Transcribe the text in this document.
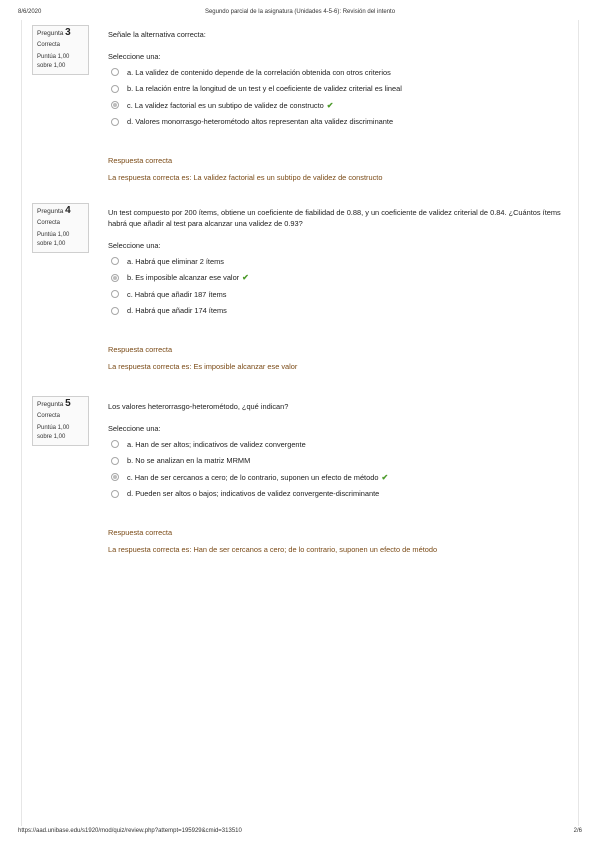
8/6/2020	Segundo parcial de la asignatura (Unidades 4-5-6): Revisión del intento
Pregunta 3
Correcta
Puntúa 1,00
sobre 1,00
Señale la alternativa correcta:
Seleccione una:
a. La validez de contenido depende de la correlación obtenida con otros criterios
b. La relación entre la longitud de un test y el coeficiente de validez criterial es lineal
c. La validez factorial es un subtipo de validez de constructo ✔
d. Valores monorrasgo-heterométodo altos representan alta validez discriminante
Respuesta correcta
La respuesta correcta es: La validez factorial es un subtipo de validez de constructo
Pregunta 4
Correcta
Puntúa 1,00
sobre 1,00
Un test compuesto por 200 ítems, obtiene un coeficiente de fiabilidad de 0.88, y un coeficiente de validez criterial de 0.84. ¿Cuántos ítems habrá que añadir al test para alcanzar una validez de 0.93?
Seleccione una:
a. Habrá que eliminar 2 ítems
b. Es imposible alcanzar ese valor ✔
c. Habrá que añadir 187 ítems
d. Habrá que añadir 174 ítems
Respuesta correcta
La respuesta correcta es: Es imposible alcanzar ese valor
Pregunta 5
Correcta
Puntúa 1,00
sobre 1,00
Los valores heterorrasgo-heterométodo, ¿qué indican?
Seleccione una:
a. Han de ser altos; indicativos de validez convergente
b. No se analizan en la matriz MRMM
c. Han de ser cercanos a cero; de lo contrario, suponen un efecto de método ✔
d. Pueden ser altos o bajos; indicativos de validez convergente-discriminante
Respuesta correcta
La respuesta correcta es: Han de ser cercanos a cero; de lo contrario, suponen un efecto de método
https://aad.unibase.edu/s1920/mod/quiz/review.php?attempt=195929&cmid=313510	2/6
